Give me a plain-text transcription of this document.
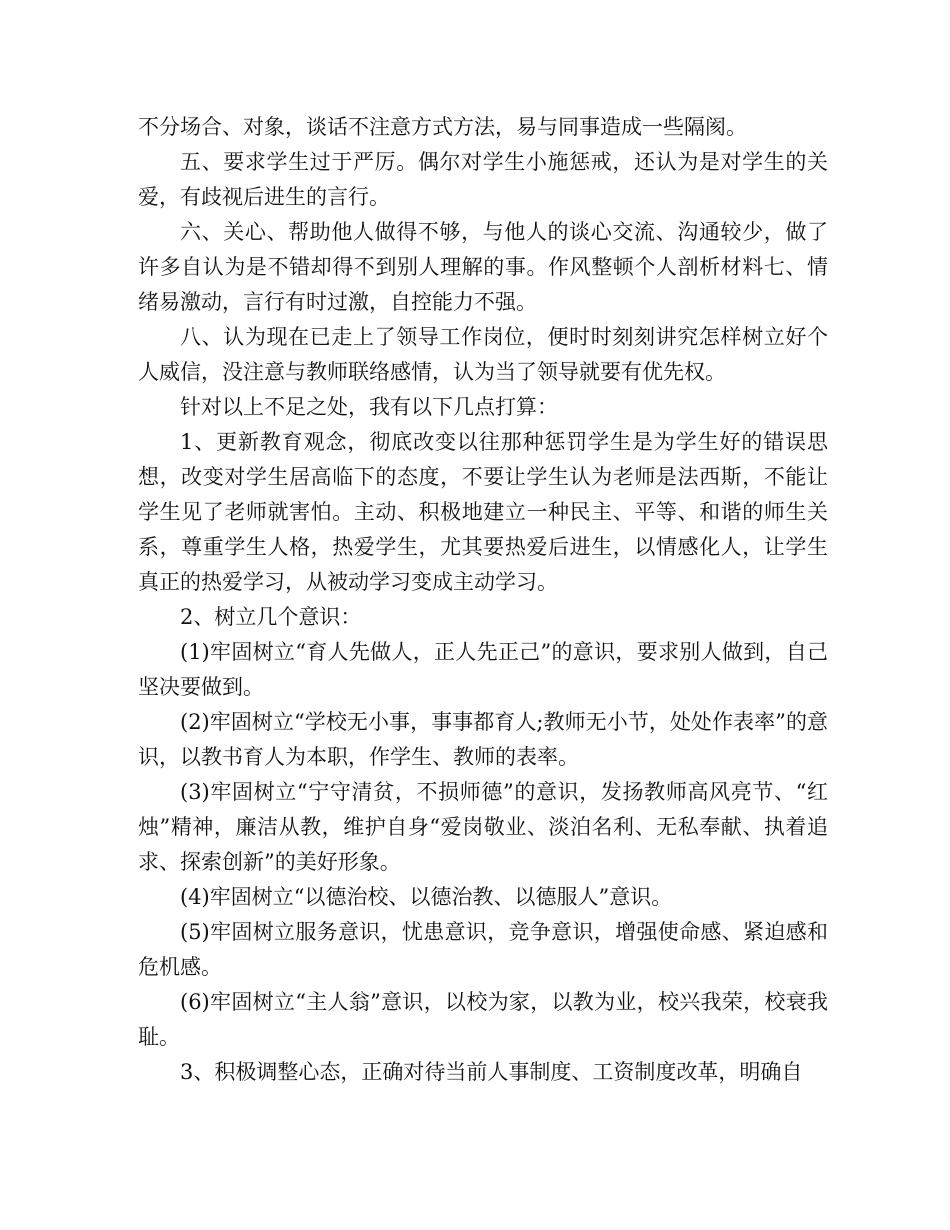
不分场合、对象，谈话不注意方式方法，易与同事造成一些隔阂。

五、要求学生过于严厉。偶尔对学生小施惩戒，还认为是对学生的关爱，有歧视后进生的言行。

六、关心、帮助他人做得不够，与他人的谈心交流、沟通较少，做了许多自认为是不错却得不到别人理解的事。作风整顿个人剖析材料七、情绪易激动，言行有时过激，自控能力不强。

八、认为现在已走上了领导工作岗位，便时时刻刻讲究怎样树立好个人威信，没注意与教师联络感情，认为当了领导就要有优先权。

针对以上不足之处，我有以下几点打算：

1、更新教育观念，彻底改变以往那种惩罚学生是为学生好的错误思想，改变对学生居高临下的态度，不要让学生认为老师是法西斯，不能让学生见了老师就害怕。主动、积极地建立一种民主、平等、和谐的师生关系，尊重学生人格，热爱学生，尤其要热爱后进生，以情感化人，让学生真正的热爱学习，从被动学习变成主动学习。

2、树立几个意识：

(1)牢固树立“育人先做人，正人先正己”的意识，要求别人做到，自己坚决要做到。

(2)牢固树立“学校无小事，事事都育人;教师无小节，处处作表率”的意识，以教书育人为本职，作学生、教师的表率。

(3)牢固树立“宁守清贫，不损师德”的意识，发扬教师高风亮节、“红烛”精神，廉洁从教，维护自身“爱岗敬业、淡泊名利、无私奉献、执着追求、探索创新”的美好形象。

(4)牢固树立“以德治校、以德治教、以德服人”意识。

(5)牢固树立服务意识，忧患意识，竞争意识，增强使命感、紧迫感和危机感。

(6)牢固树立“主人翁”意识，以校为家，以教为业，校兴我荣，校衰我耻。

3、积极调整心态，正确对待当前人事制度、工资制度改革，明确自
